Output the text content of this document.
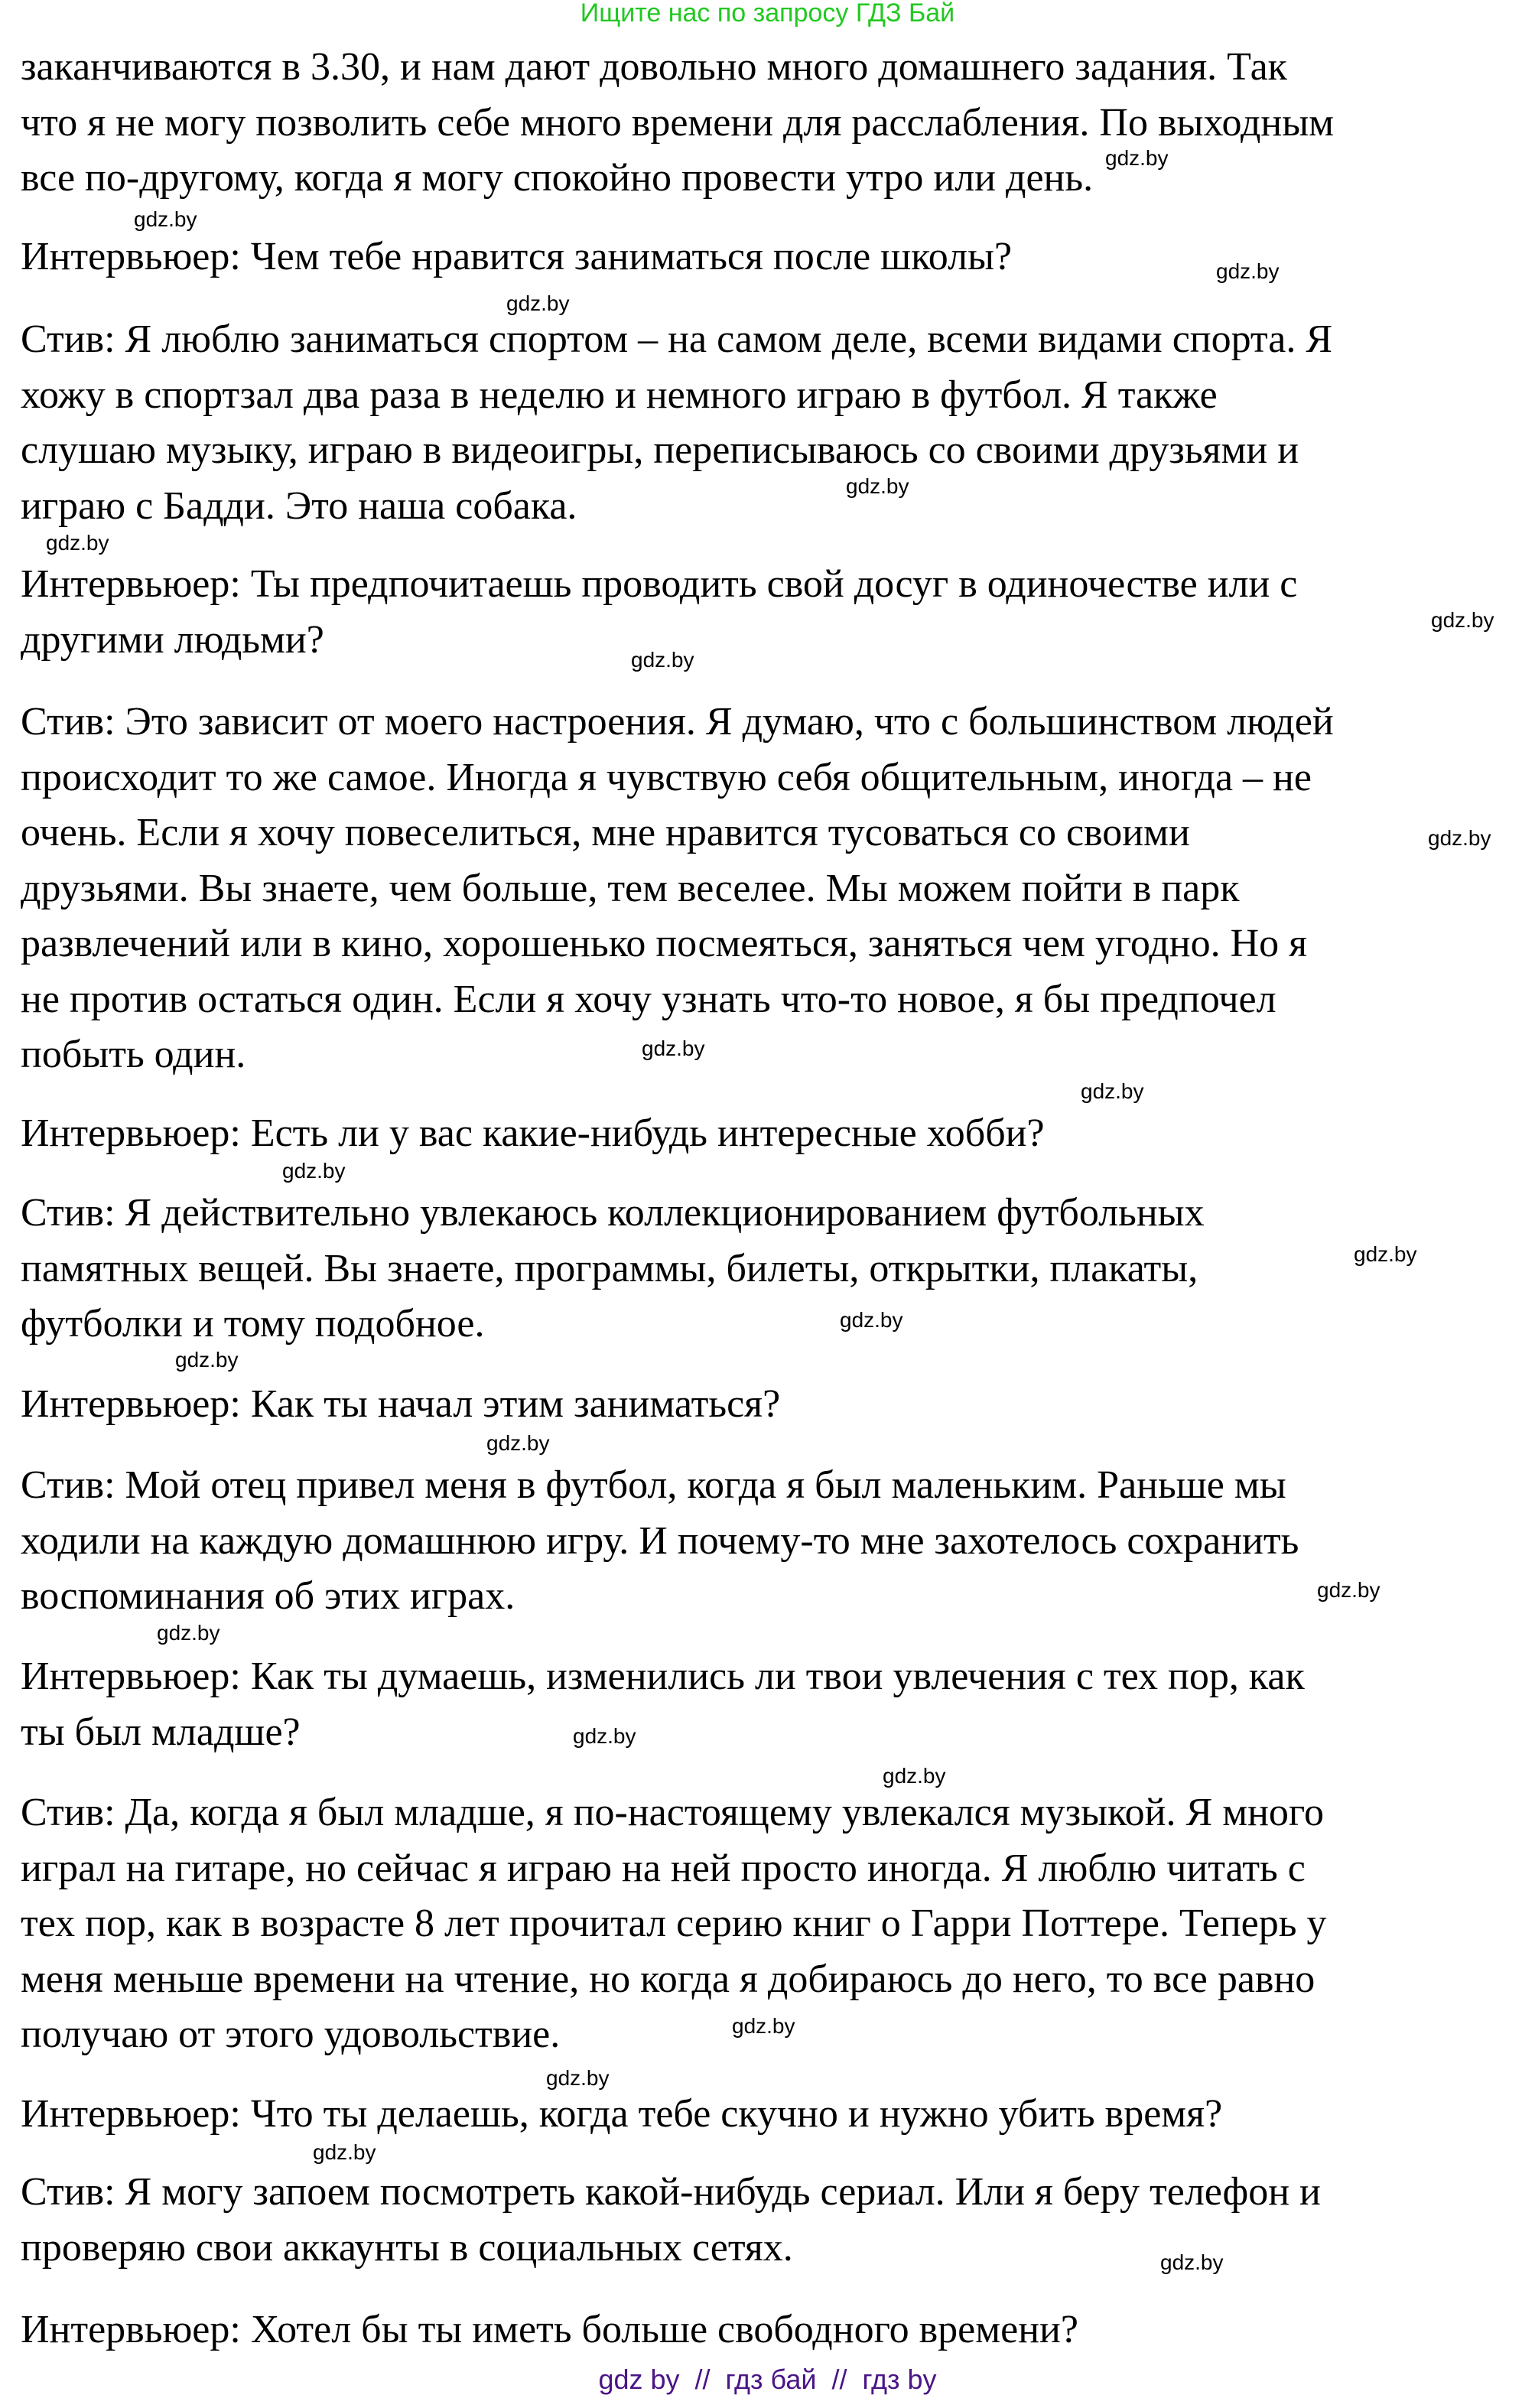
Ищите нас по запросу ГДЗ Бай
заканчиваются в 3.30, и нам дают довольно много домашнего задания. Так
что я не могу позволить себе много времени для расслабления. По выходным
все по-другому, когда я могу спокойно провести утро или день.
Интервьюер: Чем тебе нравится заниматься после школы?
Стив: Я люблю заниматься спортом – на самом деле, всеми видами спорта. Я
хожу в спортзал два раза в неделю и немного играю в футбол. Я также
слушаю музыку, играю в видеоигры, переписываюсь со своими друзьями и
играю с Бадди. Это наша собака.
Интервьюер: Ты предпочитаешь проводить свой досуг в одиночестве или с
другими людьми?
Стив: Это зависит от моего настроения. Я думаю, что с большинством людей
происходит то же самое. Иногда я чувствую себя общительным, иногда – не
очень. Если я хочу повеселиться, мне нравится тусоваться со своими
друзьями. Вы знаете, чем больше, тем веселее. Мы можем пойти в парк
развлечений или в кино, хорошенько посмеяться, заняться чем угодно. Но я
не против остаться один. Если я хочу узнать что-то новое, я бы предпочел
побыть один.
Интервьюер: Есть ли у вас какие-нибудь интересные хобби?
Стив: Я действительно увлекаюсь коллекционированием футбольных
памятных вещей. Вы знаете, программы, билеты, открытки, плакаты,
футболки и тому подобное.
Интервьюер: Как ты начал этим заниматься?
Стив: Мой отец привел меня в футбол, когда я был маленьким. Раньше мы
ходили на каждую домашнюю игру. И почему-то мне захотелось сохранить
воспоминания об этих играх.
Интервьюер: Как ты думаешь, изменились ли твои увлечения с тех пор, как
ты был младше?
Стив: Да, когда я был младше, я по-настоящему увлекался музыкой. Я много
играл на гитаре, но сейчас я играю на ней просто иногда. Я люблю читать с
тех пор, как в возрасте 8 лет прочитал серию книг о Гарри Поттере. Теперь у
меня меньше времени на чтение, но когда я добираюсь до него, то все равно
получаю от этого удовольствие.
Интервьюер: Что ты делаешь, когда тебе скучно и нужно убить время?
Стив: Я могу запоем посмотреть какой-нибудь сериал. Или я беру телефон и
проверяю свои аккаунты в социальных сетях.
Интервьюер: Хотел бы ты иметь больше свободного времени?
gdz.by
gdz.by
gdz.by
gdz.by
gdz.by
gdz.by
gdz.by
gdz.by
gdz.by
gdz.by
gdz.by
gdz.by
gdz.by
gdz.by
gdz.by
gdz.by
gdz.by
gdz.by
gdz.by
gdz.by
gdz.by
gdz.by
gdz.by
gdz.by
gdz by  //  гдз бай  //  гдз by
